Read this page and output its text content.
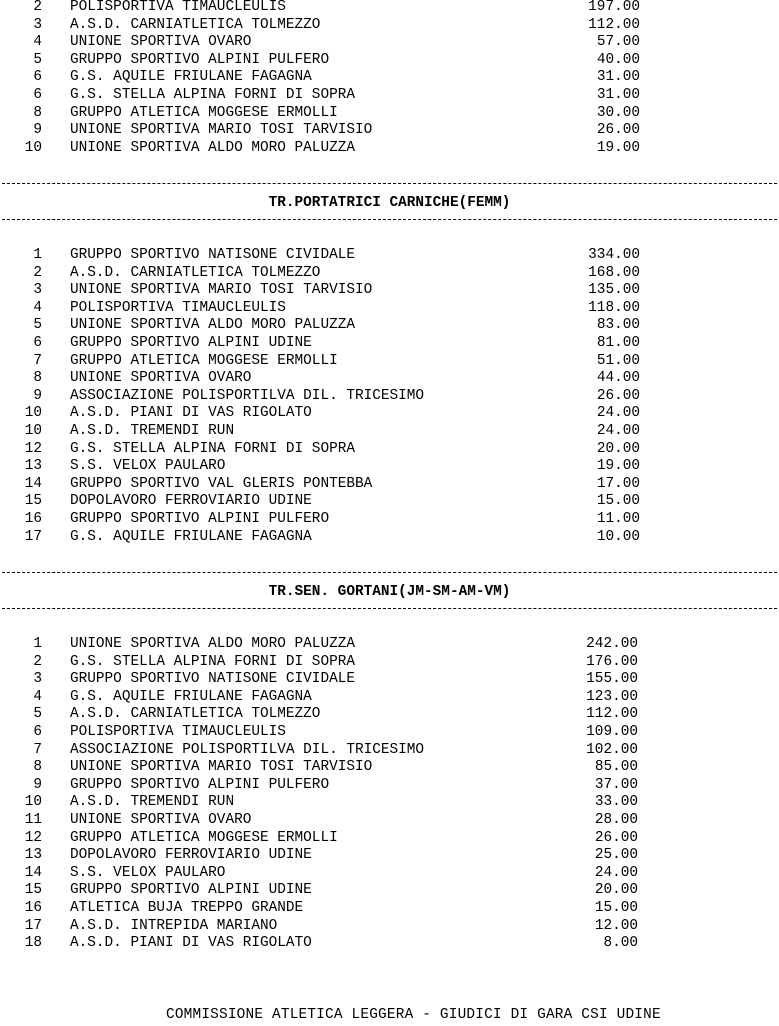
2 POLISPORTIVA TIMAUCLEULIS	197.00
3 A.S.D. CARNIATLETICA TOLMEZZO	112.00
4 UNIONE SPORTIVA OVARO	57.00
5 GRUPPO SPORTIVO ALPINI PULFERO	40.00
6 G.S. AQUILE FRIULANE FAGAGNA	31.00
6 G.S. STELLA ALPINA FORNI DI SOPRA	31.00
8 GRUPPO ATLETICA MOGGESE ERMOLLI	30.00
9 UNIONE SPORTIVA MARIO TOSI TARVISIO	26.00
10 UNIONE SPORTIVA ALDO MORO PALUZZA	19.00
TR.PORTATRICI CARNICHE(FEMM)
1 GRUPPO SPORTIVO NATISONE CIVIDALE	334.00
2 A.S.D. CARNIATLETICA TOLMEZZO	168.00
3 UNIONE SPORTIVA MARIO TOSI TARVISIO	135.00
4 POLISPORTIVA TIMAUCLEULIS	118.00
5 UNIONE SPORTIVA ALDO MORO PALUZZA	83.00
6 GRUPPO SPORTIVO ALPINI UDINE	81.00
7 GRUPPO ATLETICA MOGGESE ERMOLLI	51.00
8 UNIONE SPORTIVA OVARO	44.00
9 ASSOCIAZIONE POLISPORTILVA DIL. TRICESIMO	26.00
10 A.S.D. PIANI DI VAS RIGOLATO	24.00
10 A.S.D. TREMENDI RUN	24.00
12 G.S. STELLA ALPINA FORNI DI SOPRA	20.00
13 S.S. VELOX PAULARO	19.00
14 GRUPPO SPORTIVO VAL GLERIS PONTEBBA	17.00
15 DOPOLAVORO FERROVIARIO UDINE	15.00
16 GRUPPO SPORTIVO ALPINI PULFERO	11.00
17 G.S. AQUILE FRIULANE FAGAGNA	10.00
TR.SEN. GORTANI(JM-SM-AM-VM)
1 UNIONE SPORTIVA ALDO MORO PALUZZA	242.00
2 G.S. STELLA ALPINA FORNI DI SOPRA	176.00
3 GRUPPO SPORTIVO NATISONE CIVIDALE	155.00
4 G.S. AQUILE FRIULANE FAGAGNA	123.00
5 A.S.D. CARNIATLETICA TOLMEZZO	112.00
6 POLISPORTIVA TIMAUCLEULIS	109.00
7 ASSOCIAZIONE POLISPORTILVA DIL. TRICESIMO	102.00
8 UNIONE SPORTIVA MARIO TOSI TARVISIO	85.00
9 GRUPPO SPORTIVO ALPINI PULFERO	37.00
10 A.S.D. TREMENDI RUN	33.00
11 UNIONE SPORTIVA OVARO	28.00
12 GRUPPO ATLETICA MOGGESE ERMOLLI	26.00
13 DOPOLAVORO FERROVIARIO UDINE	25.00
14 S.S. VELOX PAULARO	24.00
15 GRUPPO SPORTIVO ALPINI UDINE	20.00
16 ATLETICA BUJA TREPPO GRANDE	15.00
17 A.S.D. INTREPIDA MARIANO	12.00
18 A.S.D. PIANI DI VAS RIGOLATO	8.00
COMMISSIONE ATLETICA LEGGERA - GIUDICI DI GARA CSI UDINE
